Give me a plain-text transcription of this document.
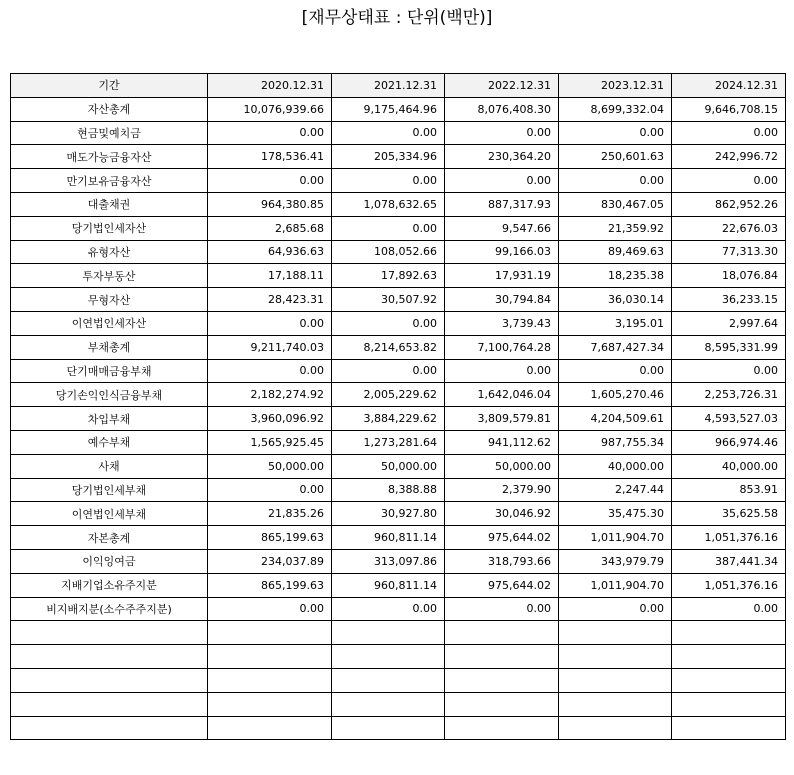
[재무상태표 : 단위(백만)]
기간	2020.12.31	2021.12.31	2022.12.31	2023.12.31	2024.12.31
자산총계	10,076,939.66	9,175,464.96	8,076,408.30	8,699,332.04	9,646,708.15
현금및예치금	0.00	0.00	0.00	0.00	0.00
매도가능금융자산	178,536.41	205,334.96	230,364.20	250,601.63	242,996.72
만기보유금융자산	0.00	0.00	0.00	0.00	0.00
대출채권	964,380.85	1,078,632.65	887,317.93	830,467.05	862,952.26
당기법인세자산	2,685.68	0.00	9,547.66	21,359.92	22,676.03
유형자산	64,936.63	108,052.66	99,166.03	89,469.63	77,313.30
투자부동산	17,188.11	17,892.63	17,931.19	18,235.38	18,076.84
무형자산	28,423.31	30,507.92	30,794.84	36,030.14	36,233.15
이연법인세자산	0.00	0.00	3,739.43	3,195.01	2,997.64
부채총계	9,211,740.03	8,214,653.82	7,100,764.28	7,687,427.34	8,595,331.99
단기매매금융부채	0.00	0.00	0.00	0.00	0.00
당기손익인식금융부채	2,182,274.92	2,005,229.62	1,642,046.04	1,605,270.46	2,253,726.31
차입부채	3,960,096.92	3,884,229.62	3,809,579.81	4,204,509.61	4,593,527.03
예수부채	1,565,925.45	1,273,281.64	941,112.62	987,755.34	966,974.46
사채	50,000.00	50,000.00	50,000.00	40,000.00	40,000.00
당기법인세부채	0.00	8,388.88	2,379.90	2,247.44	853.91
이연법인세부채	21,835.26	30,927.80	30,046.92	35,475.30	35,625.58
자본총계	865,199.63	960,811.14	975,644.02	1,011,904.70	1,051,376.16
이익잉여금	234,037.89	313,097.86	318,793.66	343,979.79	387,441.34
지배기업소유주지분	865,199.63	960,811.14	975,644.02	1,011,904.70	1,051,376.16
비지배지분(소수주주지분)	0.00	0.00	0.00	0.00	0.00
